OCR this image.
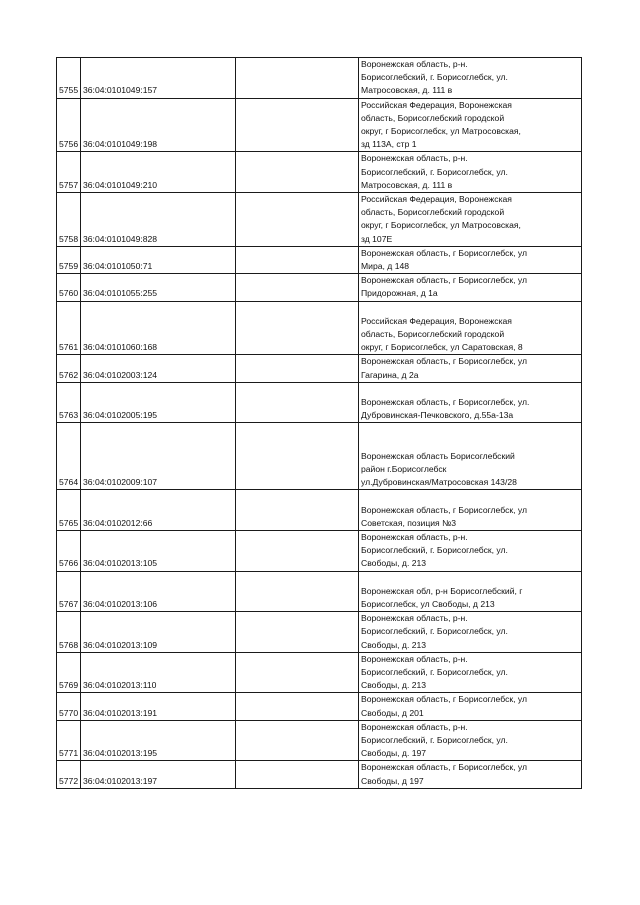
5755	36:04:0101049:157		Воронежская область, р-н.
Борисоглебский, г. Борисоглебск, ул.
Матросовская, д. 111 в
5756	36:04:0101049:198		Российская Федерация, Воронежская
область, Борисоглебский городской
округ, г Борисоглебск, ул Матросовская,
зд 113А, стр 1
5757	36:04:0101049:210		Воронежская область, р-н.
Борисоглебский, г. Борисоглебск, ул.
Матросовская, д. 111 в
5758	36:04:0101049:828		Российская Федерация, Воронежская
область, Борисоглебский городской
округ, г Борисоглебск, ул Матросовская,
зд 107Е
5759	36:04:0101050:71		Воронежская область, г Борисоглебск, ул
Мира, д 148
5760	36:04:0101055:255		Воронежская область, г Борисоглебск, ул
Придорожная, д 1а
5761	36:04:0101060:168		Российская Федерация, Воронежская
область, Борисоглебский городской
округ, г Борисоглебск, ул Саратовская, 8
5762	36:04:0102003:124		Воронежская область, г Борисоглебск, ул
Гагарина, д 2а
5763	36:04:0102005:195		Воронежская область, г Борисоглебск, ул.
Дубровинская-Печковского, д.55а-13а
5764	36:04:0102009:107		Воронежская область Борисоглебский
район г.Борисоглебск
ул.Дубровинская/Матросовская 143/28
5765	36:04:0102012:66		Воронежская область, г Борисоглебск, ул
Советская, позиция №3
5766	36:04:0102013:105		Воронежская область, р-н.
Борисоглебский, г. Борисоглебск, ул.
Свободы, д. 213
5767	36:04:0102013:106		Воронежская обл, р-н Борисоглебский, г
Борисоглебск, ул Свободы, д 213
5768	36:04:0102013:109		Воронежская область, р-н.
Борисоглебский, г. Борисоглебск, ул.
Свободы, д. 213
5769	36:04:0102013:110		Воронежская область, р-н.
Борисоглебский, г. Борисоглебск, ул.
Свободы, д. 213
5770	36:04:0102013:191		Воронежская область, г Борисоглебск, ул
Свободы, д 201
5771	36:04:0102013:195		Воронежская область, р-н.
Борисоглебский, г. Борисоглебск, ул.
Свободы, д. 197
5772	36:04:0102013:197		Воронежская область, г Борисоглебск, ул
Свободы, д 197
